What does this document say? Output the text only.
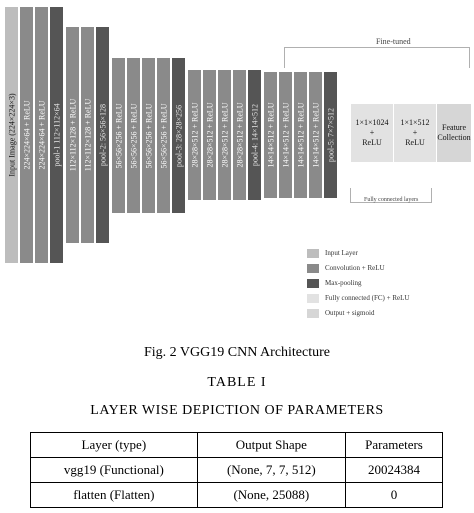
Input Image (224×224×3) 224×224×64 + ReLU 224×224×64 + ReLU pool-1 112×112×64 112×112×128 + ReLU 112×112×128 + ReLU pool-2: 56×56×128 56×56×256 + ReLU 56×56×256 + ReLU 56×56×256 + ReLU 56×56×256 + ReLU pool-3: 28×28×256 28×28×512 + ReLU 28×28×512 + ReLU 28×28×512 + ReLU 28×28×512 + ReLU pool-4: 14×14×512 14×14×512 + ReLU 14×14×512 + ReLU 14×14×512 + ReLU 14×14×512 + ReLU pool-5: 7×7×512
Fine-tuned
Fully connected layers
1×1×1024
+
ReLU
1×1×512
+
ReLU
Feature
Collection
Input Layer
Convolution + ReLU
Max-pooling
Fully connected (FC) + ReLU
Output + sigmoid
Fig. 2 VGG19 CNN Architecture
TABLE I
LAYER WISE DEPICTION OF PARAMETERS
Layer (type)	Output Shape	Parameters
vgg19 (Functional)	(None, 7, 7, 512)	20024384
flatten (Flatten)	(None, 25088)	0
